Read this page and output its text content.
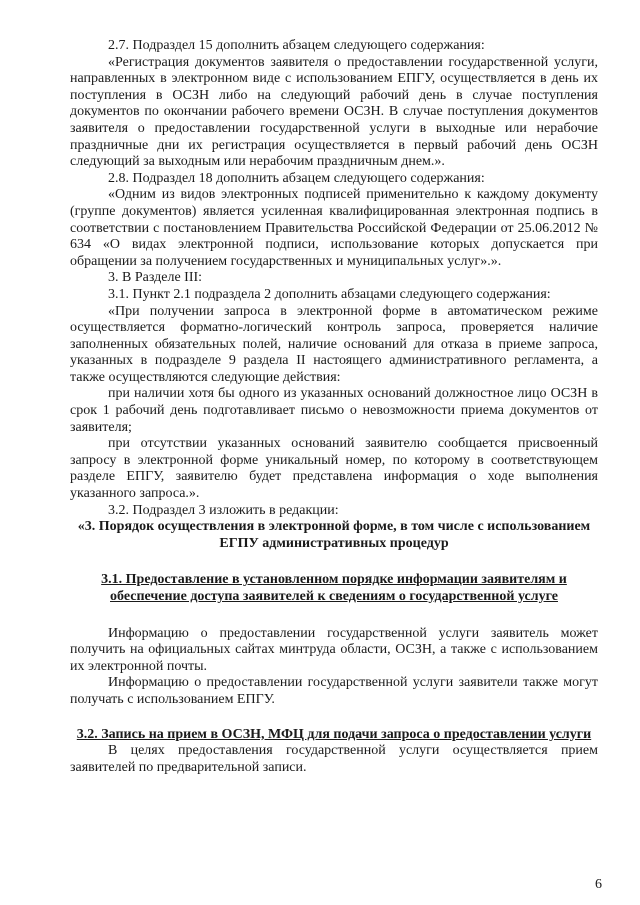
2.7. Подраздел 15 дополнить абзацем следующего содержания:

«Регистрация документов заявителя о предоставлении государственной услуги, направленных в электронном виде с использованием ЕПГУ, осуществляется в день их поступления в ОСЗН либо на следующий рабочий день в случае поступления документов по окончании рабочего времени ОСЗН. В случае поступления документов заявителя о предоставлении государственной услуги в выходные или нерабочие праздничные дни их регистрация осуществляется в первый рабочий день ОСЗН следующий за выходным или нерабочим праздничным днем.».

2.8. Подраздел 18 дополнить абзацем следующего содержания:

«Одним из видов электронных подписей применительно к каждому документу (группе документов) является усиленная квалифицированная электронная подпись в соответствии с постановлением Правительства Российской Федерации от 25.06.2012 № 634 «О видах электронной подписи, использование которых допускается при обращении за получением государственных и муниципальных услуг».».

3. В Разделе III:

3.1. Пункт 2.1 подраздела 2 дополнить абзацами следующего содержания:

«При получении запроса в электронной форме в автоматическом режиме осуществляется форматно-логический контроль запроса, проверяется наличие заполненных обязательных полей, наличие оснований для отказа в приеме запроса, указанных в подразделе 9 раздела II настоящего административного регламента, а также осуществляются следующие действия:

при наличии хотя бы одного из указанных оснований должностное лицо ОСЗН в срок 1 рабочий день подготавливает письмо о невозможности приема документов от заявителя;

при отсутствии указанных оснований заявителю сообщается присвоенный запросу в электронной форме уникальный номер, по которому в соответствующем разделе ЕПГУ, заявителю будет представлена информация о ходе выполнения указанного запроса.».

3.2. Подраздел 3 изложить в редакции:

«3. Порядок осуществления в электронной форме, в том числе с использованием ЕГПУ административных процедур

3.1. Предоставление в установленном порядке информации заявителям и обеспечение доступа заявителей к сведениям о государственной услуге

Информацию о предоставлении государственной услуги заявитель может получить на официальных сайтах минтруда области, ОСЗН, а также с использованием их электронной почты.

Информацию о предоставлении государственной услуги заявители также могут получать с использованием ЕПГУ.

3.2. Запись на прием в ОСЗН, МФЦ для подачи запроса о предоставлении услуги

В целях предоставления государственной услуги осуществляется прием заявителей по предварительной записи.

6
